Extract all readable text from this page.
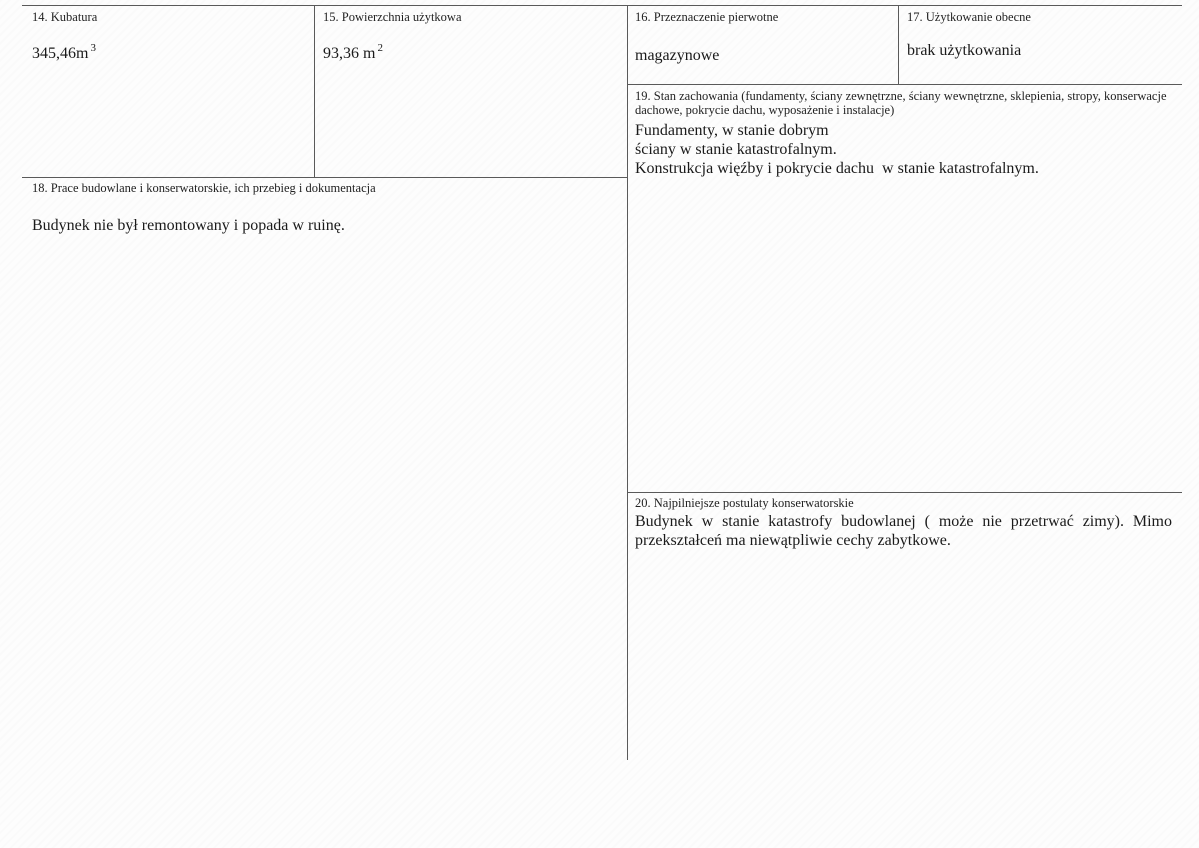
14. Kubatura
345,46m $^3$
15. Powierzchnia użytkowa
93,36 m $^2$
16. Przeznaczenie pierwotne
magazynowe
17. Użytkowanie obecne
brak użytkowania
19. Stan zachowania (fundamenty, ściany zewnętrzne, ściany wewnętrzne, sklepienia, stropy, konserwacje dachowe, pokrycie dachu, wyposażenie i instalacje)
Fundamenty, w stanie dobrym
ściany w stanie katastrofalnym.
Konstrukcja więźby i pokrycie dachu  w stanie katastrofalnym.
18. Prace budowlane i konserwatorskie, ich przebieg i dokumentacja
Budynek nie był remontowany i popada w ruinę.
20. Najpilniejsze postulaty konserwatorskie
Budynek w stanie katastrofy budowlanej ( może nie przetrwać zimy). Mimo przekształceń ma niewątpliwie cechy zabytkowe.
